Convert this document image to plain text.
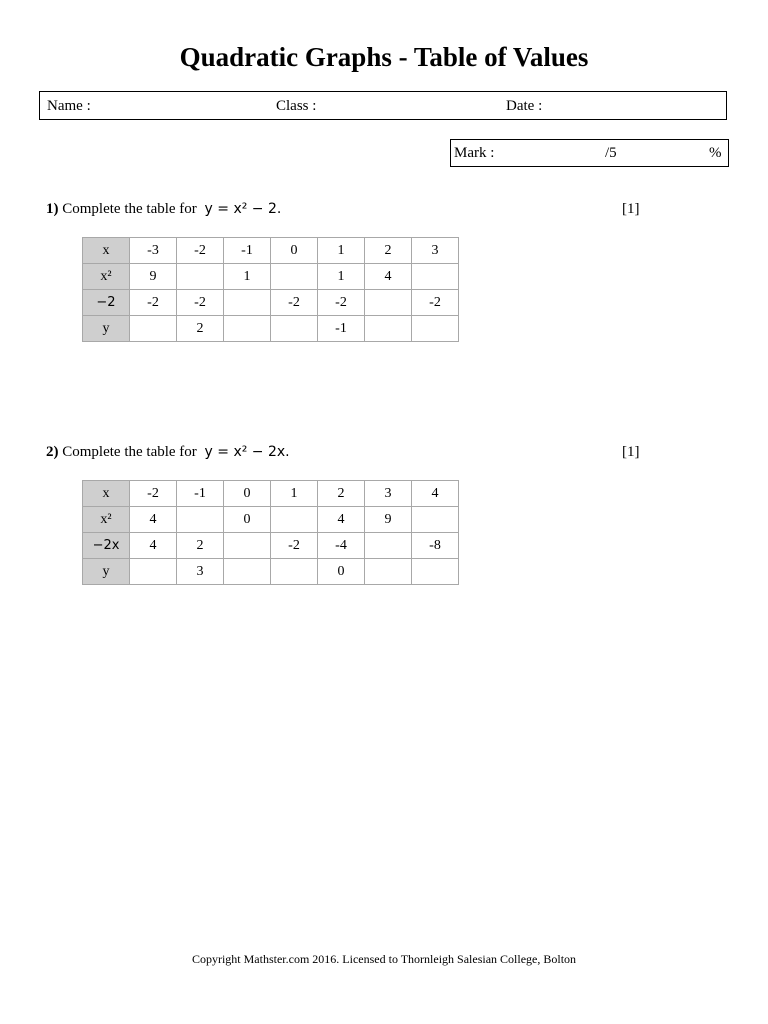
Quadratic Graphs - Table of Values
Name :	Class :	Date :
Mark :	/5	%
1) Complete the table for y = x² − 2.	[1]
x	-3	-2	-1	0	1	2	3
x²	9		1		1	4	
−2	-2	-2		-2	-2		-2
y		2			-1		
2) Complete the table for y = x² − 2x.	[1]
x	-2	-1	0	1	2	3	4
x²	4		0		4	9	
−2x	4	2		-2	-4		-8
y		3			0		
Copyright Mathster.com 2016. Licensed to Thornleigh Salesian College, Bolton
